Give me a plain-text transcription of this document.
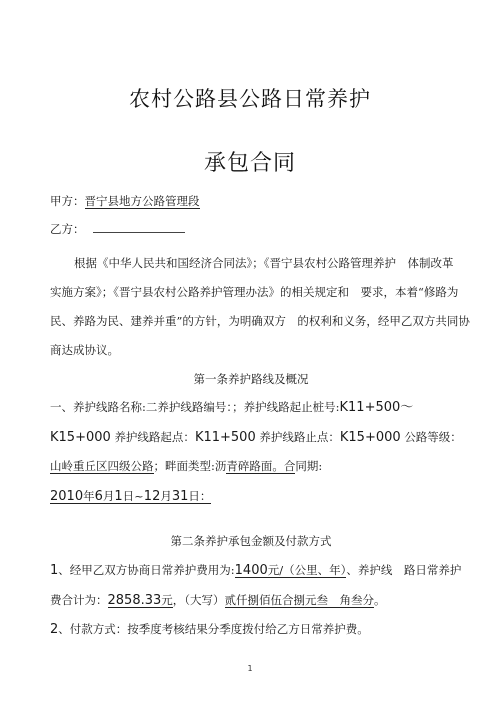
农村公路县公路日常养护
承包合同
甲方：晋宁县地方公路管理段
乙方：
根据《中华人民共和国经济合同法》；《晋宁县农村公路管理养护　体制改革
实施方案》；《晋宁县农村公路养护管理办法》的相关规定和　要求，本着“修路为
民、养路为民、建养并重”的方针，为明确双方　的权利和义务，经甲乙双方共同协
商达成协议。
第一条养护路线及概况
一、养护线路名称:二养护线路编号：；养护线路起止桩号:K11+500～
K15+000 养护线路起点：K11+500 养护线路止点：K15+000 公路等级：
山岭重丘区四级公路；畔面类型:沥青碎路面。合同期:
2010年6月1日~12月31日：
第二条养护承包金额及付款方式
1、经甲乙双方协商日常养护费用为:1400元/（公里、年）、养护线　路日常养护
费合计为：2858.33元，（大写）贰仟捌佰伍合捌元叁　角叁分。
2、付款方式：按季度考核结果分季度拨付给乙方日常养护费。
1
